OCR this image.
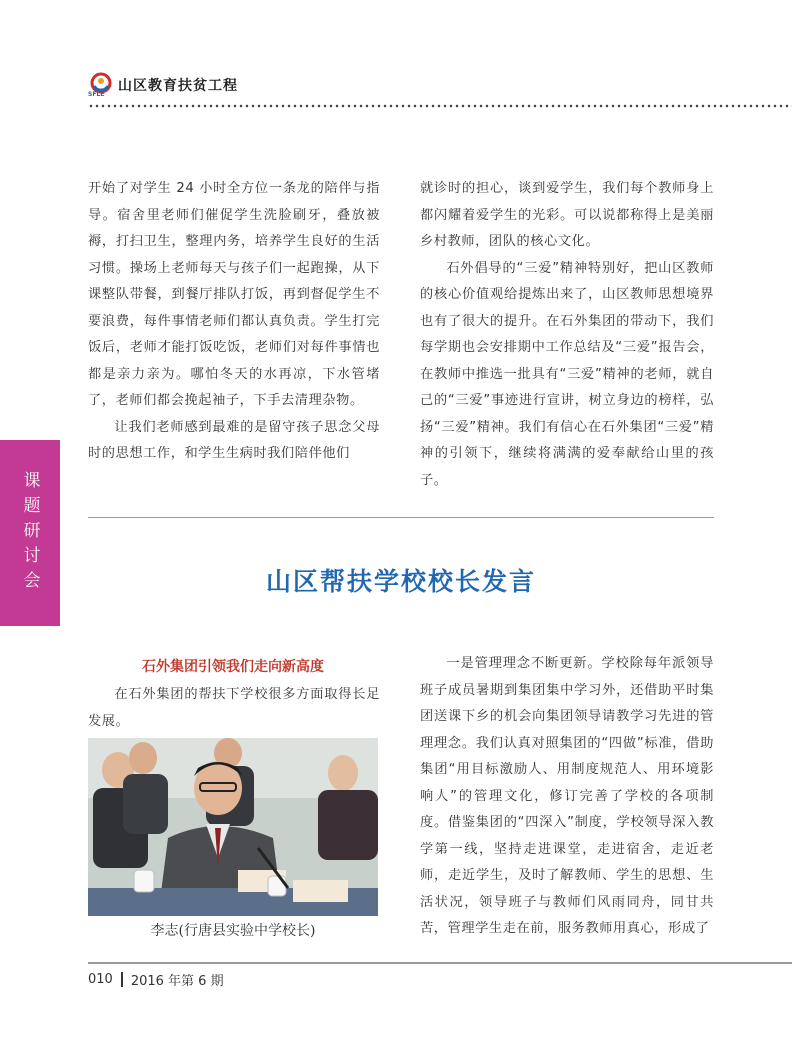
SFLE
山区教育扶贫工程

开始了对学生 24 小时全方位一条龙的陪伴与指导。宿舍里老师们催促学生洗脸刷牙，叠放被褥，打扫卫生，整理内务，培养学生良好的生活习惯。操场上老师每天与孩子们一起跑操，从下课整队带餐，到餐厅排队打饭，再到督促学生不要浪费，每件事情老师们都认真负责。学生打完饭后，老师才能打饭吃饭，老师们对每件事情也都是亲力亲为。哪怕冬天的水再凉，下水管堵了，老师们都会挽起袖子，下手去清理杂物。

让我们老师感到最难的是留守孩子思念父母时的思想工作，和学生生病时我们陪伴他们

就诊时的担心，谈到爱学生，我们每个教师身上都闪耀着爱学生的光彩。可以说都称得上是美丽乡村教师，团队的核心文化。

石外倡导的“三爱”精神特别好，把山区教师的核心价值观给提炼出来了，山区教师思想境界也有了很大的提升。在石外集团的带动下，我们每学期也会安排期中工作总结及“三爱”报告会，在教师中推选一批具有“三爱”精神的老师，就自己的“三爱”事迹进行宣讲，树立身边的榜样，弘扬“三爱”精神。我们有信心在石外集团“三爱”精神的引领下，继续将满满的爱奉献给山里的孩子。

课题研讨会	山区帮扶学校校长发言
石外集团引领我们走向新高度
在石外集团的帮扶下学校很多方面取得长足发展。
李志(行唐县实验中学校长)
一是管理理念不断更新。学校除每年派领导班子成员暑期到集团集中学习外，还借助平时集团送课下乡的机会向集团领导请教学习先进的管理理念。我们认真对照集团的“四做”标准，借助集团“用目标激励人、用制度规范人、用环境影响人”的管理文化，修订完善了学校的各项制度。借鉴集团的“四深入”制度，学校领导深入教学第一线，坚持走进课堂，走进宿舍，走近老师，走近学生，及时了解教师、学生的思想、生活状况，领导班子与教师们风雨同舟，同甘共苦，管理学生走在前，服务教师用真心，形成了
010 2016 年第 6 期
